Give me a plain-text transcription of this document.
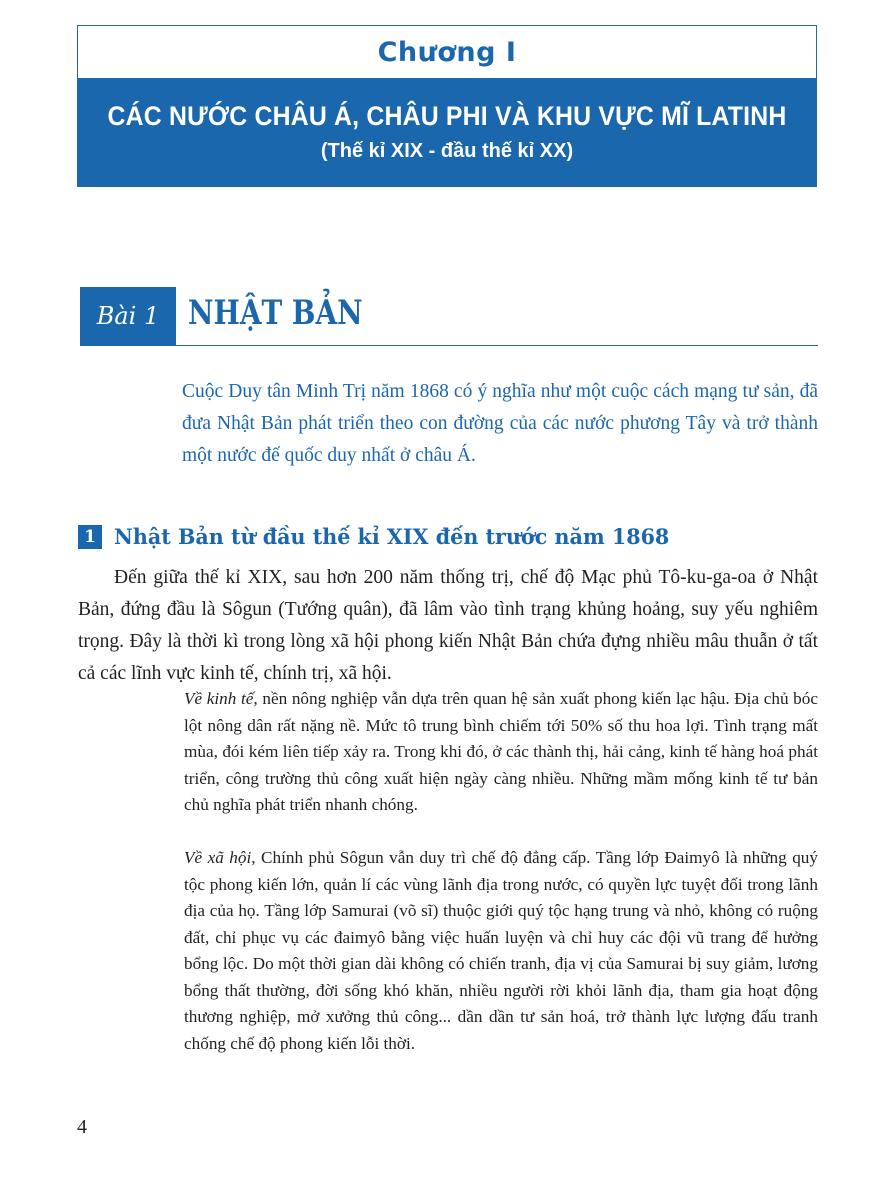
Chương I
CÁC NƯỚC CHÂU Á, CHÂU PHI VÀ KHU VỰC MĨ LATINH
(Thế kỉ XIX - đầu thế kỉ XX)
Bài 1 NHẬT BẢN
Cuộc Duy tân Minh Trị năm 1868 có ý nghĩa như một cuộc cách mạng tư sản, đã đưa Nhật Bản phát triển theo con đường của các nước phương Tây và trở thành một nước đế quốc duy nhất ở châu Á.
1 Nhật Bản từ đầu thế kỉ XIX đến trước năm 1868
Đến giữa thế kỉ XIX, sau hơn 200 năm thống trị, chế độ Mạc phủ Tô-ku-ga-oa ở Nhật Bản, đứng đầu là Sôgun (Tướng quân), đã lâm vào tình trạng khủng hoảng, suy yếu nghiêm trọng. Đây là thời kì trong lòng xã hội phong kiến Nhật Bản chứa đựng nhiều mâu thuẫn ở tất cả các lĩnh vực kinh tế, chính trị, xã hội.
Về kinh tế, nền nông nghiệp vẫn dựa trên quan hệ sản xuất phong kiến lạc hậu. Địa chủ bóc lột nông dân rất nặng nề. Mức tô trung bình chiếm tới 50% số thu hoa lợi. Tình trạng mất mùa, đói kém liên tiếp xảy ra. Trong khi đó, ở các thành thị, hải cảng, kinh tế hàng hoá phát triển, công trường thủ công xuất hiện ngày càng nhiều. Những mầm mống kinh tế tư bản chủ nghĩa phát triển nhanh chóng.
Về xã hội, Chính phủ Sôgun vẫn duy trì chế độ đẳng cấp. Tầng lớp Đaimyô là những quý tộc phong kiến lớn, quản lí các vùng lãnh địa trong nước, có quyền lực tuyệt đối trong lãnh địa của họ. Tầng lớp Samurai (võ sĩ) thuộc giới quý tộc hạng trung và nhỏ, không có ruộng đất, chỉ phục vụ các đaimyô bằng việc huấn luyện và chỉ huy các đội vũ trang để hưởng bổng lộc. Do một thời gian dài không có chiến tranh, địa vị của Samurai bị suy giảm, lương bổng thất thường, đời sống khó khăn, nhiều người rời khỏi lãnh địa, tham gia hoạt động thương nghiệp, mở xưởng thủ công... dần dần tư sản hoá, trở thành lực lượng đấu tranh chống chế độ phong kiến lỗi thời.
4
